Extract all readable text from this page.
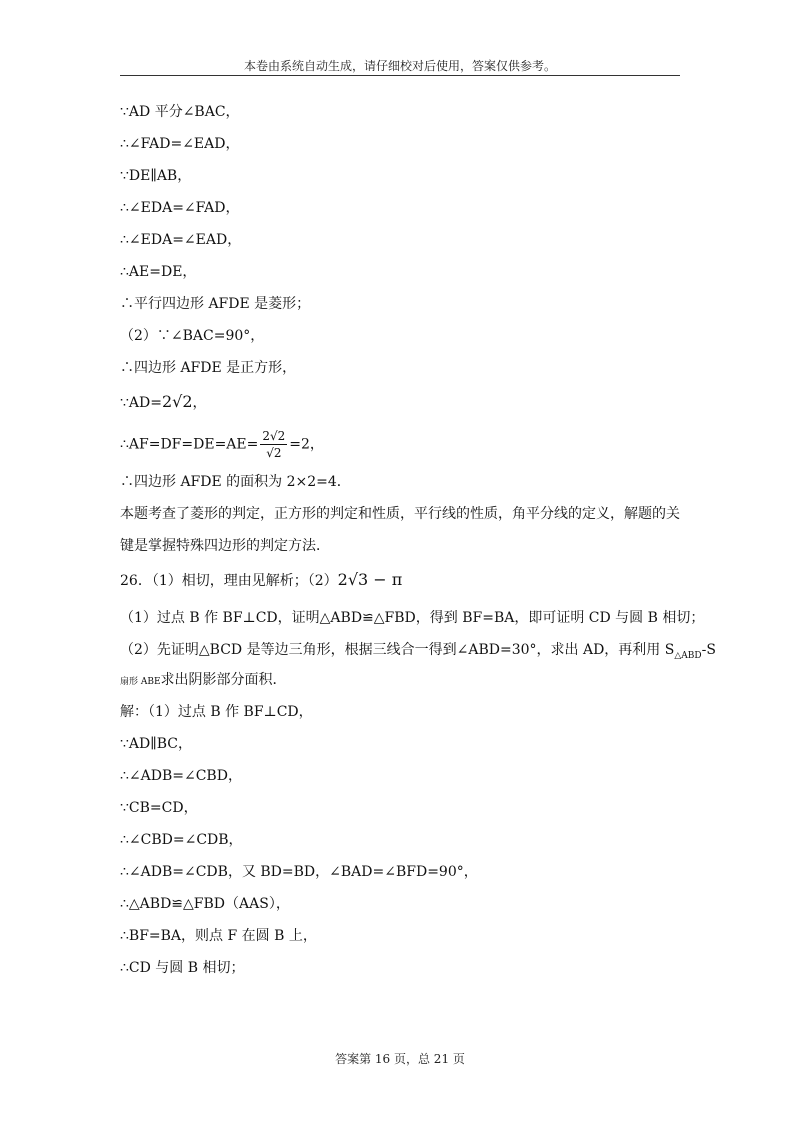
本卷由系统自动生成，请仔细校对后使用，答案仅供参考。
∵AD 平分∠BAC，
∴∠FAD=∠EAD，
∵DE∥AB，
∴∠EDA=∠FAD，
∴∠EDA=∠EAD，
∴AE=DE，
∴平行四边形 AFDE 是菱形；
（2）∵∠BAC=90°，
∴四边形 AFDE 是正方形，
∵AD=2√2，
∴AF=DF=DE=AE= $\frac{2√2}{√2} =2$，
∴四边形 AFDE 的面积为 2×2=4．
本题考查了菱形的判定，正方形的判定和性质，平行线的性质，角平分线的定义，解题的关
键是掌握特殊四边形的判定方法．
26．（1）相切，理由见解析；（2）2√3 − π
（1）过点 B 作 BF⊥CD，证明△ABD≌△FBD，得到 BF=BA，即可证明 CD 与圆 B 相切；
（2）先证明△BCD 是等边三角形，根据三线合一得到∠ABD=30°，求出 AD，再利用 $S_{\triangle ABD}-S$
扇形 ABE求出阴影部分面积．
解：（1）过点 B 作 BF⊥CD，
∵AD∥BC，
∴∠ADB=∠CBD，
∵CB=CD，
∴∠CBD=∠CDB，
∴∠ADB=∠CDB，又 BD=BD，∠BAD=∠BFD=90°，
∴△ABD≌△FBD（AAS），
∴BF=BA，则点 F 在圆 B 上，
∴CD 与圆 B 相切；
答案第 16 页，总 21 页
